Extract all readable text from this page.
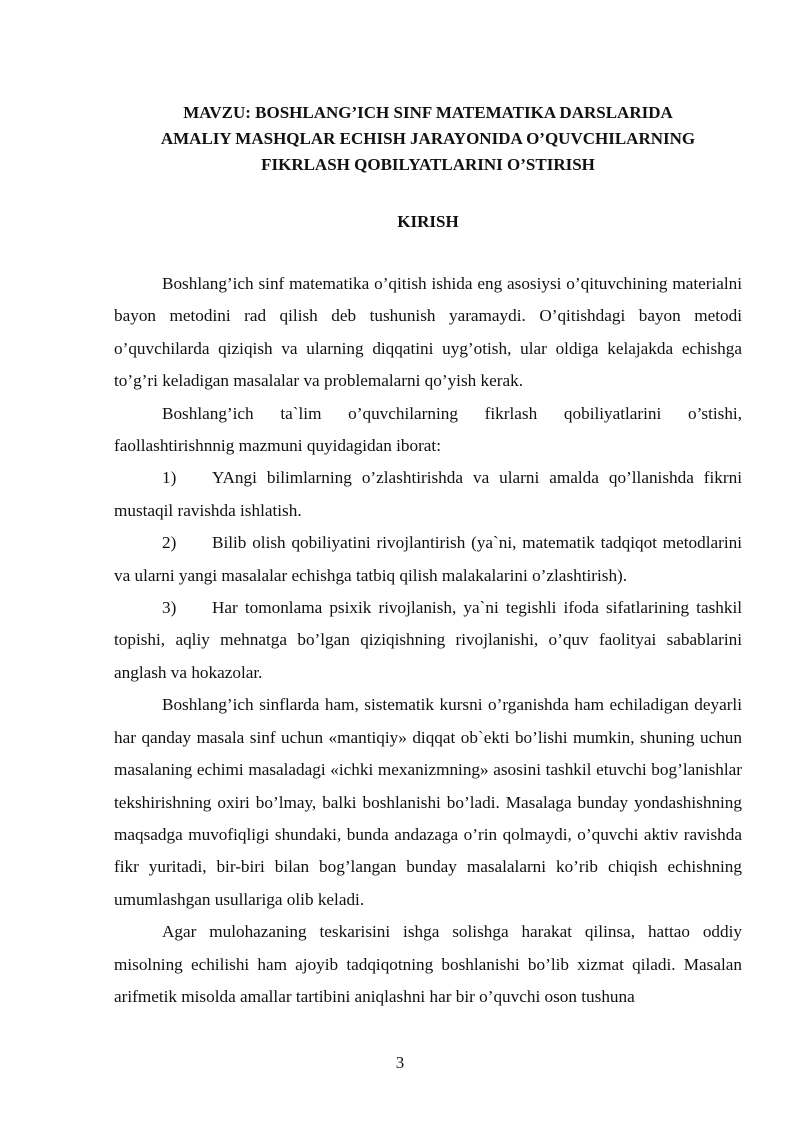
MAVZU: BOSHLANG’ICH SINF MATEMATIKA DARSLARIDA
AMALIY MASHQLAR ECHISH JARAYONIDA O’QUVCHILARNING
FIKRLASH QOBILYATLARINI O’STIRISH
KIRISH

Boshlang’ich sinf matematika o’qitish ishida eng asosiysi o’qituvchining materialni bayon metodini rad qilish deb tushunish yaramaydi. O’qitishdagi bayon metodi o’quvchilarda qiziqish va ularning diqqatini uyg’otish, ular oldiga kelajakda echishga to’g’ri keladigan masalalar va problemalarni qo’yish kerak.

Boshlang’ich ta`lim o’quvchilarning fikrlash qobiliyatlarini o’stishi, faollashtirishnnig mazmuni quyidagidan iborat:

1) YAngi bilimlarning o’zlashtirishda va ularni amalda qo’llanishda fikrni mustaqil ravishda ishlatish.

2) Bilib olish qobiliyatini rivojlantirish (ya`ni, matematik tadqiqot metodlarini va ularni yangi masalalar echishga tatbiq qilish malakalarini o’zlashtirish).

3) Har tomonlama psixik rivojlanish, ya`ni tegishli ifoda sifatlarining tashkil topishi, aqliy mehnatga bo’lgan qiziqishning rivojlanishi, o’quv faolityai sabablarini anglash va hokazolar.

Boshlang’ich sinflarda ham, sistematik kursni o’rganishda ham echiladigan deyarli har qanday masala sinf uchun «mantiqiy» diqqat ob`ekti bo’lishi mumkin, shuning uchun masalaning echimi masaladagi «ichki mexanizmning» asosini tashkil etuvchi bog’lanishlar tekshirishning oxiri bo’lmay, balki boshlanishi bo’ladi. Masalaga bunday yondashishning maqsadga muvofiqligi shundaki, bunda andazaga o’rin qolmaydi, o’quvchi aktiv ravishda fikr yuritadi, bir-biri bilan bog’langan bunday masalalarni ko’rib chiqish echishning umumlashgan usullariga olib keladi.

Agar mulohazaning teskarisini ishga solishga harakat qilinsa, hattao oddiy misolning echilishi ham ajoyib tadqiqotning boshlanishi bo’lib xizmat qiladi. Masalan arifmetik misolda amallar tartibini aniqlashni har bir o’quvchi oson tushuna

3
